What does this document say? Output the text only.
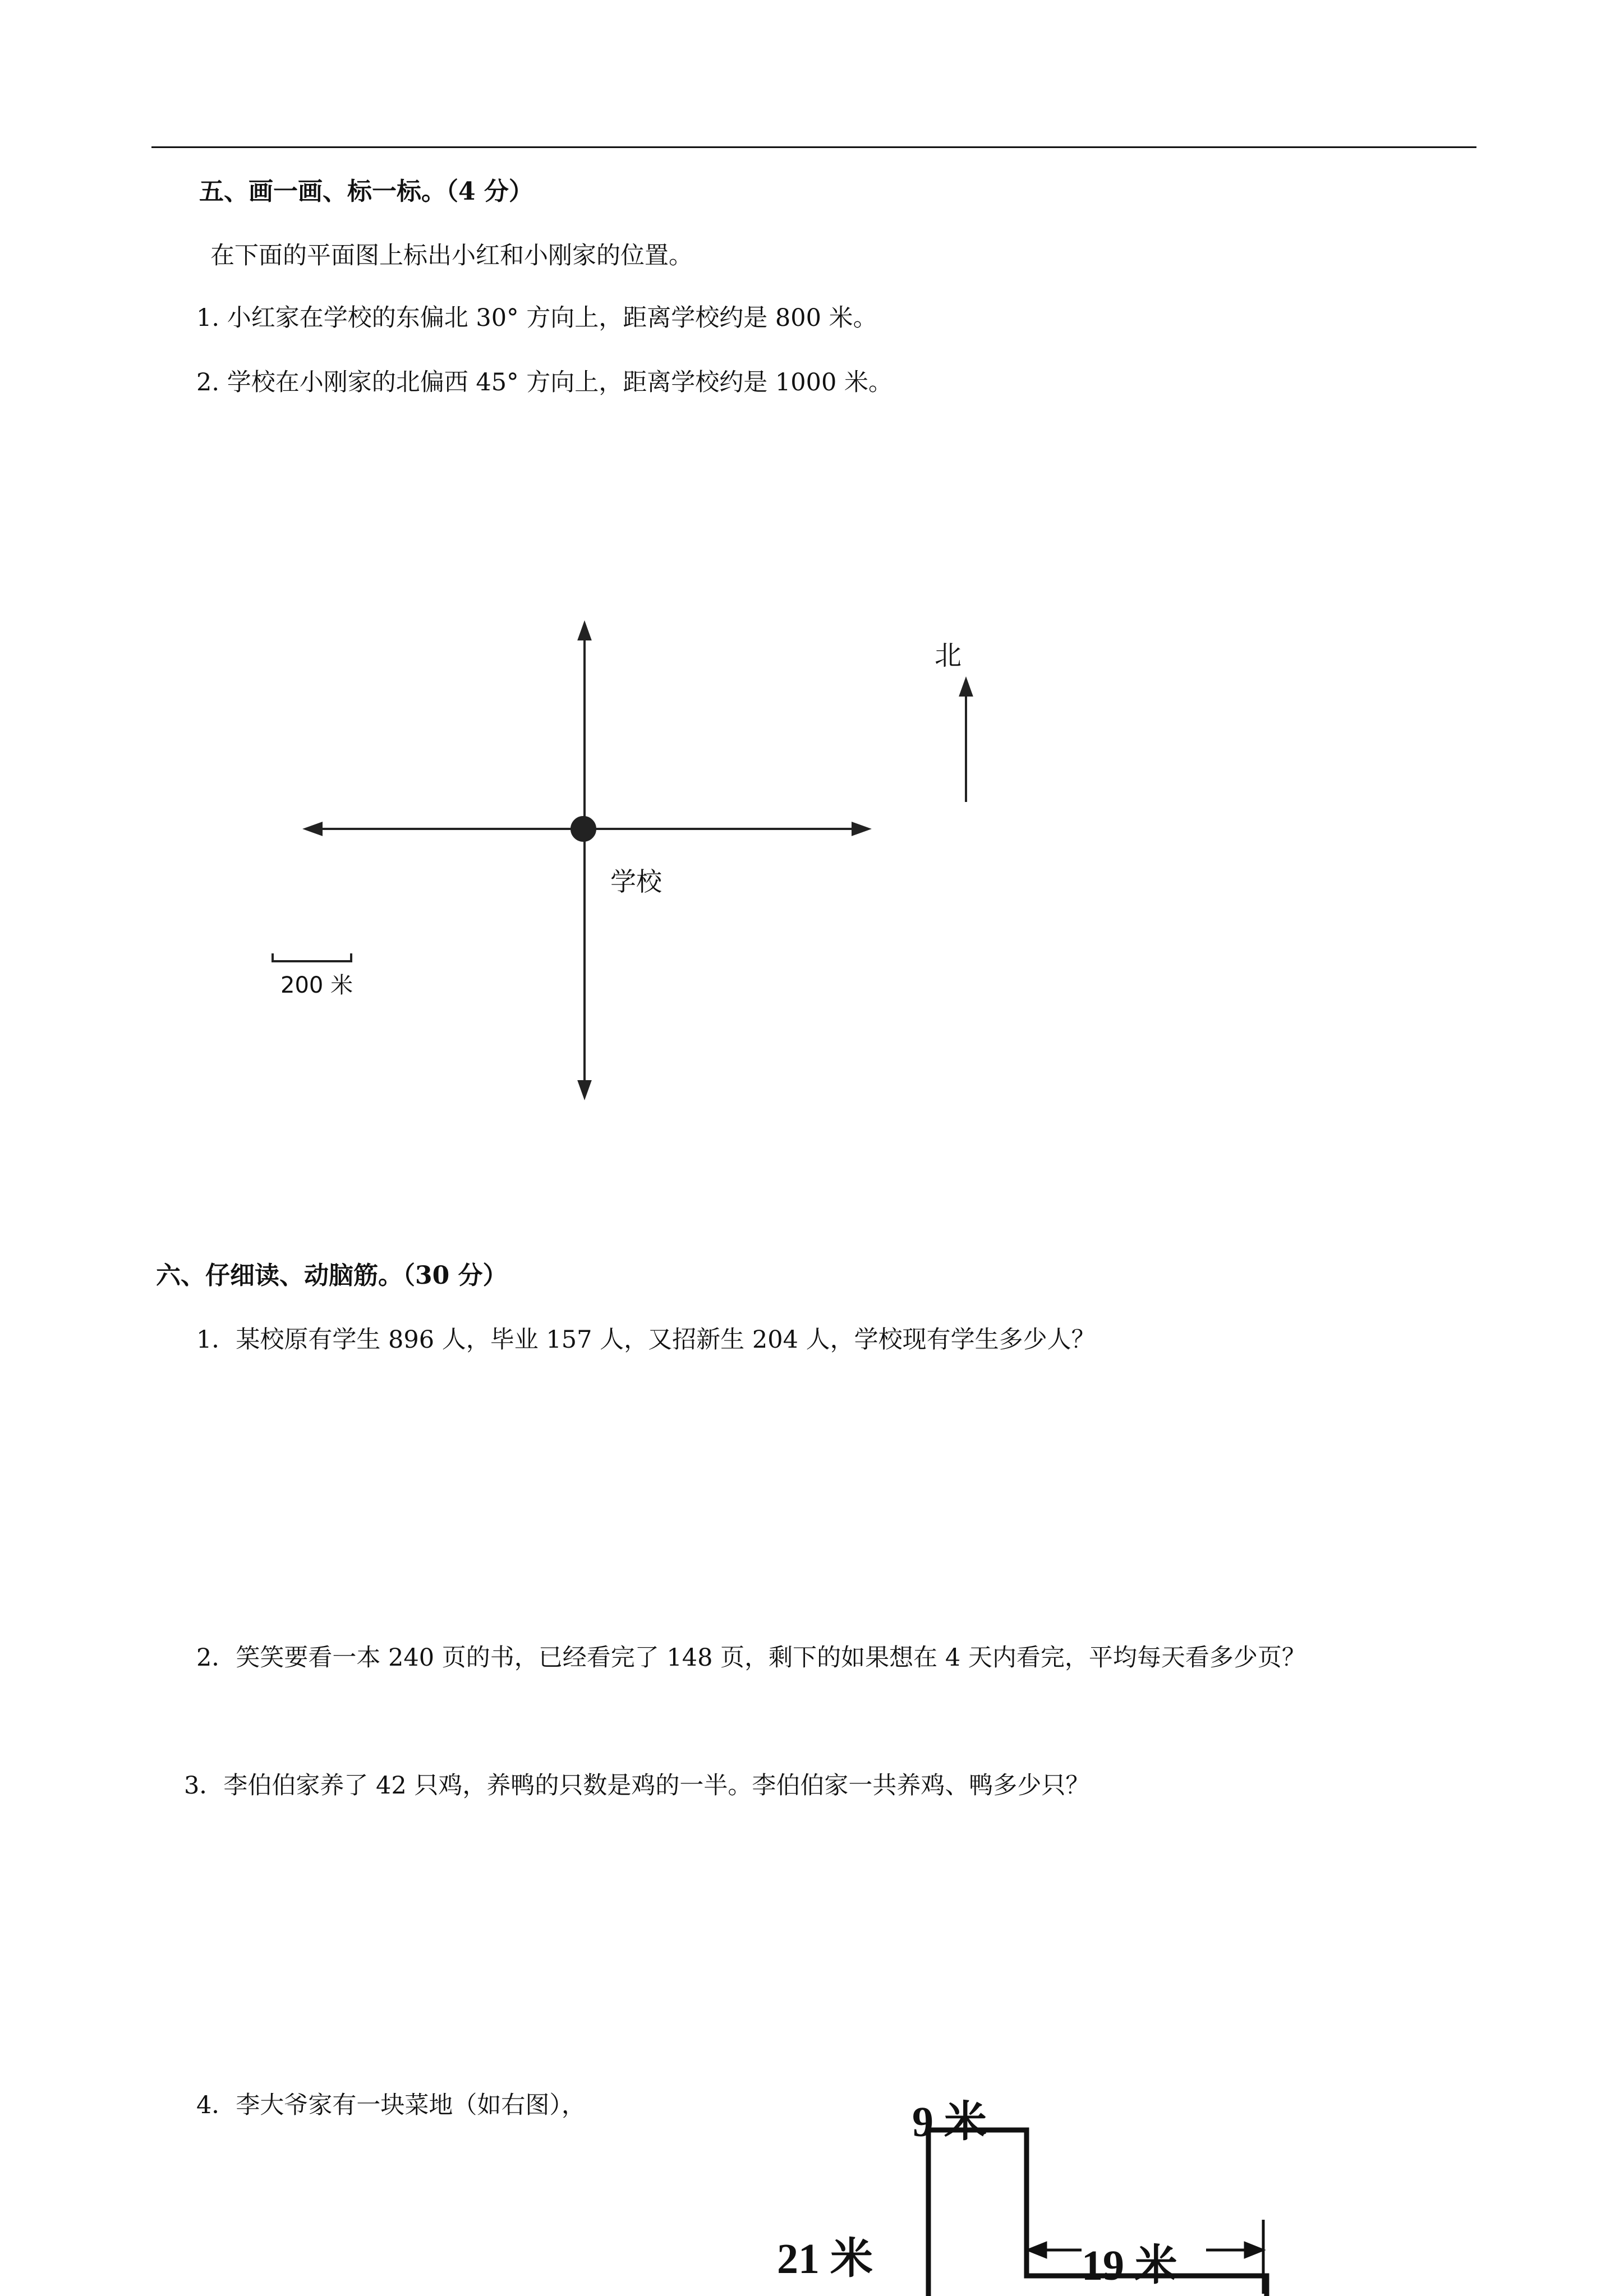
五、画一画、标一标。（4 分）
在下面的平面图上标出小红和小刚家的位置。
1. 小红家在学校的东偏北 30° 方向上，距离学校约是 800 米。
2. 学校在小刚家的北偏西 45° 方向上，距离学校约是 1000 米。
北
学校
200 米
六、仔细读、动脑筋。（30 分）
1．某校原有学生 896 人，毕业 157 人，又招新生 204 人，学校现有学生多少人？
2．笑笑要看一本 240 页的书，已经看完了 148 页，剩下的如果想在 4 天内看完，平均每天看多少页？
3．李伯伯家养了 42 只鸡，养鸭的只数是鸡的一半。李伯伯家一共养鸡、鸭多少只？
4．李大爷家有一块菜地（如右图），	9 米
21 米	19 米
